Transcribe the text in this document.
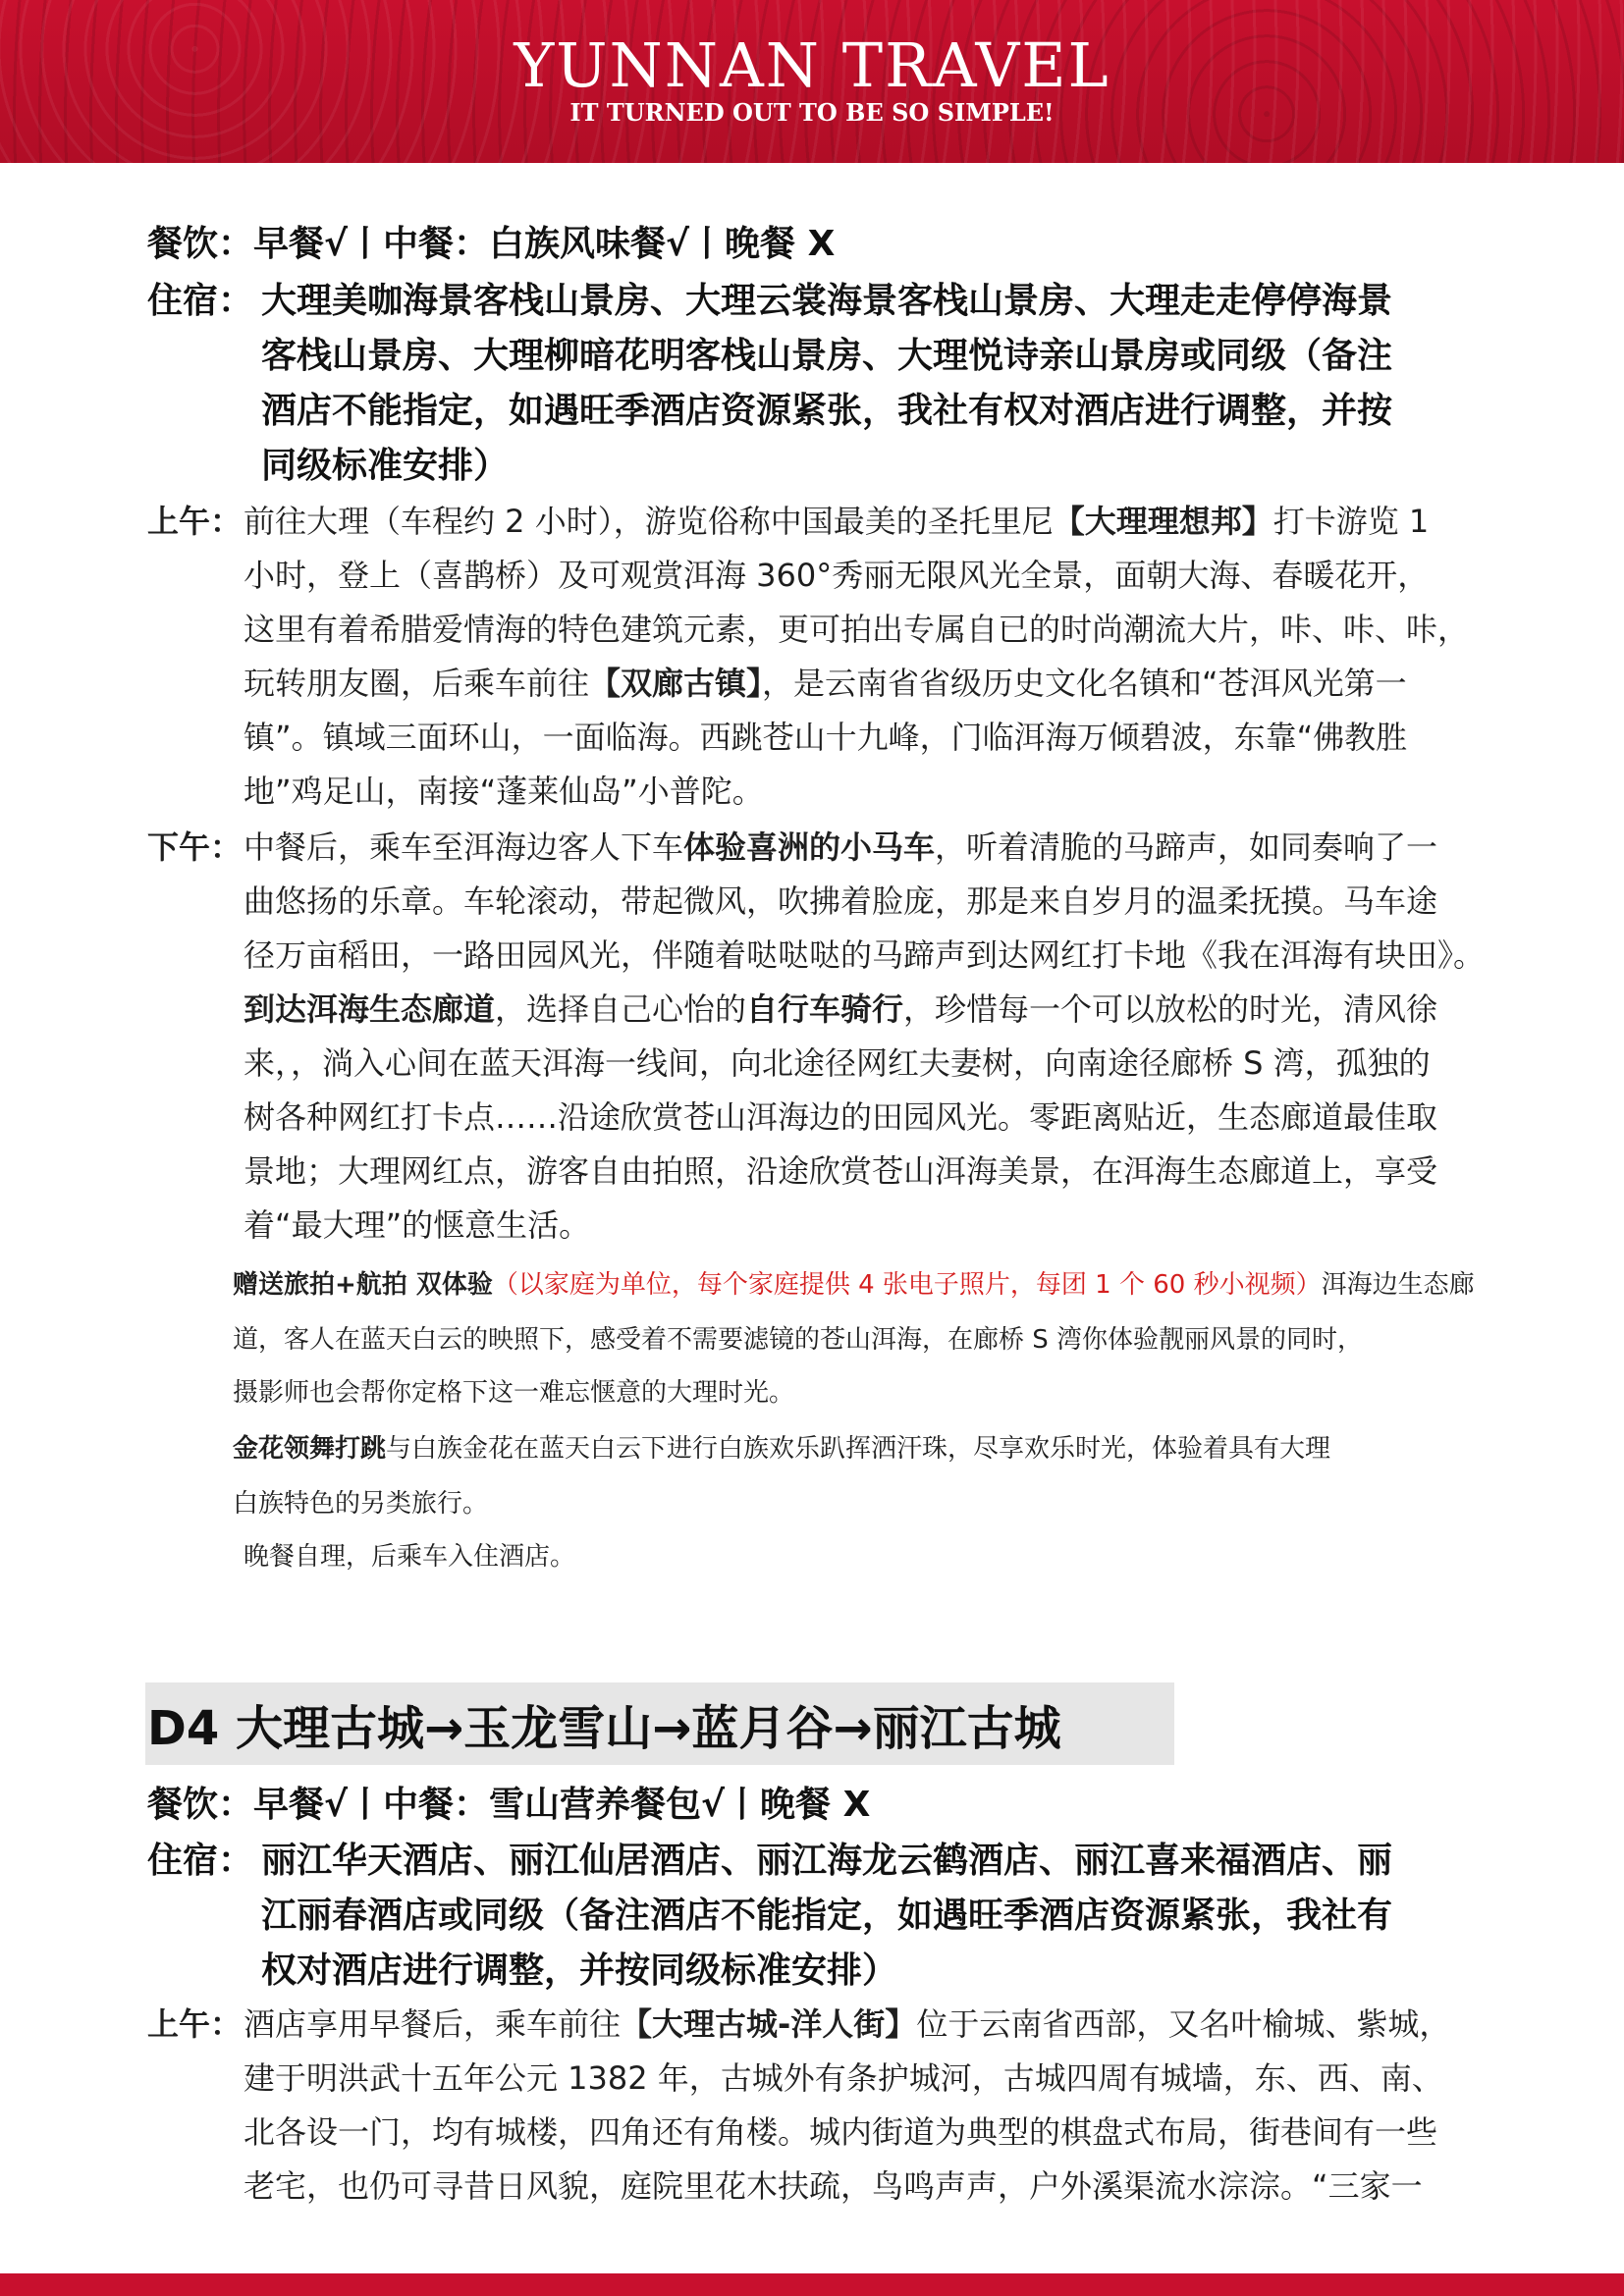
YUNNAN TRAVEL
IT TURNED OUT TO BE SO SIMPLE!
餐饮：早餐√丨中餐：白族风味餐√丨晚餐 X
住宿： 大理美咖海景客栈山景房、大理云裳海景客栈山景房、大理走走停停海景
客栈山景房、大理柳暗花明客栈山景房、大理悦诗亲山景房或同级（备注
酒店不能指定，如遇旺季酒店资源紧张，我社有权对酒店进行调整，并按
同级标准安排）
上午： 前往大理（车程约 2 小时），游览俗称中国最美的圣托里尼【大理理想邦】打卡游览 1
小时，登上（喜鹊桥）及可观赏洱海 360°秀丽无限风光全景，面朝大海、春暖花开，
这里有着希腊爱情海的特色建筑元素，更可拍出专属自已的时尚潮流大片，咔、咔、咔，
玩转朋友圈，后乘车前往【双廊古镇】，是云南省省级历史文化名镇和“苍洱风光第一
镇”。镇域三面环山，一面临海。西跳苍山十九峰，门临洱海万倾碧波，东靠“佛教胜
地”鸡足山，南接“蓬莱仙岛”小普陀。
下午： 中餐后，乘车至洱海边客人下车体验喜洲的小马车，听着清脆的马蹄声，如同奏响了一
曲悠扬的乐章。车轮滚动，带起微风，吹拂着脸庞，那是来自岁月的温柔抚摸。马车途
径万亩稻田，一路田园风光，伴随着哒哒哒的马蹄声到达网红打卡地《我在洱海有块田》。
到达洱海生态廊道，选择自己心怡的自行车骑行，珍惜每一个可以放松的时光，清风徐
来，，淌入心间在蓝天洱海一线间，向北途径网红夫妻树，向南途径廊桥 S 湾，孤独的
树各种网红打卡点……沿途欣赏苍山洱海边的田园风光。零距离贴近，生态廊道最佳取
景地；大理网红点，游客自由拍照，沿途欣赏苍山洱海美景，在洱海生态廊道上，享受
着“最大理”的惬意生活。
赠送旅拍+航拍 双体验（以家庭为单位，每个家庭提供 4 张电子照片，每团 1 个 60 秒小视频）洱海边生态廊
道，客人在蓝天白云的映照下，感受着不需要滤镜的苍山洱海，在廊桥 S 湾你体验靓丽风景的同时，
摄影师也会帮你定格下这一难忘惬意的大理时光。
金花领舞打跳与白族金花在蓝天白云下进行白族欢乐趴挥洒汗珠，尽享欢乐时光，体验着具有大理
白族特色的另类旅行。
晚餐自理，后乘车入住酒店。
D4 大理古城→玉龙雪山→蓝月谷→丽江古城
餐饮：早餐√丨中餐：雪山营养餐包√丨晚餐 X
住宿： 丽江华天酒店、丽江仙居酒店、丽江海龙云鹤酒店、丽江喜来福酒店、丽
江丽春酒店或同级（备注酒店不能指定，如遇旺季酒店资源紧张，我社有
权对酒店进行调整，并按同级标准安排）
上午： 酒店享用早餐后，乘车前往【大理古城-洋人街】位于云南省西部，又名叶榆城、紫城，
建于明洪武十五年公元 1382 年，古城外有条护城河，古城四周有城墙，东、西、南、
北各设一门，均有城楼，四角还有角楼。城内街道为典型的棋盘式布局，街巷间有一些
老宅，也仍可寻昔日风貌，庭院里花木扶疏，鸟鸣声声，户外溪渠流水淙淙。“三家一
